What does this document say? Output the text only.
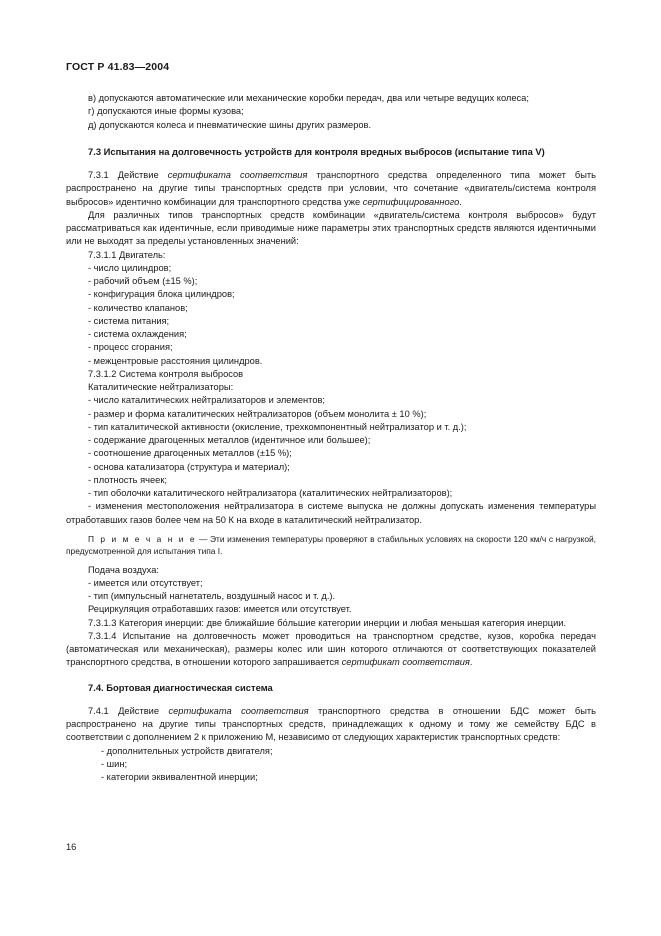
ГОСТ Р 41.83—2004

в) допускаются автоматические или механические коробки передач, два или четыре ведущих колеса;

г) допускаются иные формы кузова;

д) допускаются колеса и пневматические шины других размеров.

7.3 Испытания на долговечность устройств для контроля вредных выбросов (испытание типа V)

7.3.1 Действие сертификата соответствия транспортного средства определенного типа может быть распространено на другие типы транспортных средств при условии, что сочетание «двигатель/система контроля выбросов» идентично комбинации для транспортного средства уже сертифицированного.

Для различных типов транспортных средств комбинации «двигатель/система контроля выбросов» будут рассматриваться как идентичные, если приводимые ниже параметры этих транспортных средств являются идентичными или не выходят за пределы установленных значений:

7.3.1.1 Двигатель:

- число цилиндров;

- рабочий объем (±15 %);

- конфигурация блока цилиндров;

- количество клапанов;

- система питания;

- система охлаждения;

- процесс сгорания;

- межцентровые расстояния цилиндров.

7.3.1.2 Система контроля выбросов

Каталитические нейтрализаторы:

- число каталитических нейтрализаторов и элементов;

- размер и форма каталитических нейтрализаторов (объем монолита ± 10 %);

- тип каталитической активности (окисление, трехкомпонентный нейтрализатор и т. д.);

- содержание драгоценных металлов (идентичное или большее);

- соотношение драгоценных металлов (±15 %);

- основа катализатора (структура и материал);

- плотность ячеек;

- тип оболочки каталитического нейтрализатора (каталитических нейтрализаторов);

- изменения местоположения нейтрализатора в системе выпуска не должны допускать изменения температуры отработавших газов более чем на 50 К на входе в каталитический нейтрализатор.

П р и м е ч а н и е — Эти изменения температуры проверяют в стабильных условиях на скорости 120 км/ч с нагрузкой, предусмотренной для испытания типа I.

Подача воздуха:

- имеется или отсутствует;

- тип (импульсный нагнетатель, воздушный насос и т. д.).

Рециркуляция отработавших газов: имеется или отсутствует.

7.3.1.3 Категория инерции: две ближайшие бо́льшие категории инерции и любая меньшая категория инерции.

7.3.1.4 Испытание на долговечность может проводиться на транспортном средстве, кузов, коробка передач (автоматическая или механическая), размеры колес или шин которого отличаются от соответствующих показателей транспортного средства, в отношении которого запрашивается сертификат соответствия.

7.4. Бортовая диагностическая система

7.4.1 Действие сертификата соответствия транспортного средства в отношении БДС может быть распространено на другие типы транспортных средств, принадлежащих к одному и тому же семейству БДС в соответствии с дополнением 2 к приложению М, независимо от следующих характеристик транспортных средств:

- дополнительных устройств двигателя;

- шин;

- категории эквивалентной инерции;

16
